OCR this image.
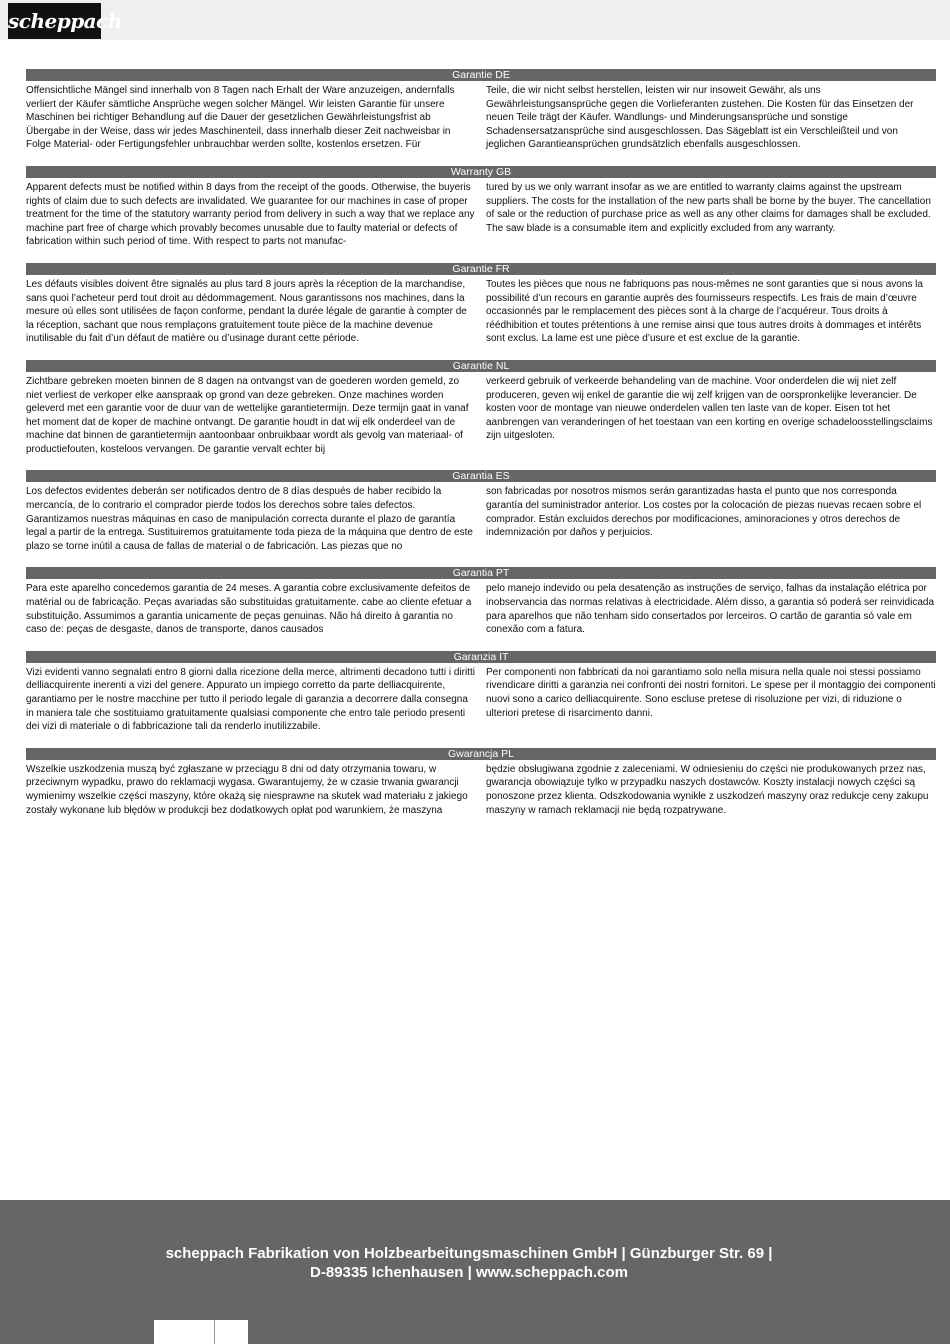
scheppach
Garantie DE
Offensichtliche Mängel sind innerhalb von 8 Tagen nach Erhalt der Ware anzuzeigen, andernfalls verliert der Käufer sämtliche Ansprüche wegen solcher Mängel. Wir leisten Garantie für unsere Maschinen bei richtiger Behandlung auf die Dauer der gesetzlichen Gewährleistungsfrist ab Übergabe in der Weise, dass wir jedes Maschinenteil, dass innerhalb dieser Zeit nachweisbar in Folge Material- oder Fertigungsfehler unbrauchbar werden sollte, kostenlos ersetzen. Für
Teile, die wir nicht selbst herstellen, leisten wir nur insoweit Gewähr, als uns Gewährleistungsansprüche gegen die Vorlieferanten zustehen. Die Kosten für das Einsetzen der neuen Teile trägt der Käufer. Wandlungs- und Minderungsansprüche und sonstige Schadensersatzansprüche sind ausgeschlossen. Das Sägeblatt ist ein Verschleißteil und von jeglichen Garantieansprüchen grundsätzlich ebenfalls ausgeschlossen.
Warranty GB
Apparent defects must be notified within 8 days from the receipt of the goods. Otherwise, the buyeris rights of claim due to such defects are invalidated. We guarantee for our machines in case of proper treatment for the time of the statutory warranty period from delivery in such a way that we replace any machine part free of charge which provably becomes unusable due to faulty material or defects of fabrication within such period of time. With respect to parts not manufac-
tured by us we only warrant insofar as we are entitled to warranty claims against the upstream suppliers. The costs for the installation of the new parts shall be borne by the buyer. The cancellation of sale or the reduction of purchase price as well as any other claims for damages shall be excluded. The saw blade is a consumable item and explicitly excluded from any warranty.
Garantie FR
Les défauts visibles doivent être signalés au plus tard 8 jours après la réception de la marchandise, sans quoi l’acheteur perd tout droit au dédommagement. Nous garantissons nos machines, dans la mesure où elles sont utilisées de façon conforme, pendant la durée légale de garantie à compter de la réception, sachant que nous remplaçons gratuitement toute pièce de la machine devenue inutilisable du fait d’un défaut de matière ou d’usinage durant cette période.
Toutes les pièces que nous ne fabriquons pas nous-mêmes ne sont garanties que si nous avons la possibilité d’un recours en garantie auprès des fournisseurs respectifs. Les frais de main d’œuvre occasionnés par le remplacement des pièces sont à la charge de l’acquéreur. Tous droits à réédhibition et toutes prétentions à une remise ainsi que tous autres droits à dommages et intérêts sont exclus. La lame est une pièce d’usure et est exclue de la garantie.
Garantie NL
Zichtbare gebreken moeten binnen de 8 dagen na ontvangst van de goederen worden gemeld, zo niet verliest de verkoper elke aanspraak op grond van deze gebreken. Onze machines worden geleverd met een garantie voor de duur van de wettelijke garantietermijn. Deze termijn gaat in vanaf het moment dat de koper de machine ontvangt. De garantie houdt in dat wij elk onderdeel van de machine dat binnen de garantietermijn aantoonbaar onbruikbaar wordt als gevolg van materiaal- of productiefouten, kosteloos vervangen. De garantie vervalt echter bij
verkeerd gebruik of verkeerde behandeling van de machine. Voor onderdelen die wij niet zelf produceren, geven wij enkel de garantie die wij zelf krijgen van de oorspronkelijke leverancier. De kosten voor de montage van nieuwe onderdelen vallen ten laste van de koper. Eisen tot het aanbrengen van veranderingen of het toestaan van een korting en overige schadeloosstellingsclaims zijn uitgesloten.
Garantia ES
Los defectos evidentes deberán ser notificados dentro de 8 días después de haber recibido la mercancía, de lo contrario el comprador pierde todos los derechos sobre tales defectos. Garantizamos nuestras máquinas en caso de manipulación correcta durante el plazo de garantía legal a partir de la entrega. Sustituiremos gratuitamente toda pieza de la máquina que dentro de este plazo se torne inútil a causa de fallas de material o de fabricación. Las piezas que no
son fabricadas por nosotros mismos serán garantizadas hasta el punto que nos corresponda garantía del suministrador anterior. Los costes por la colocación de piezas nuevas recaen sobre el comprador. Están excluidos derechos por modificaciones, aminoraciones y otros derechos de indemnización por daños y perjuicios.
Garantia PT
Para este aparelho concedemos garantia de 24 meses. A garantia cobre exclusivamente defeitos de matérial ou de fabricação. Peças avariadas são substituidas gratuitamente. cabe ao cliente efetuar a substituição. Assumimos a garantia unicamente de peças genuinas. Não há direito à garantia no caso de: peças de desgaste, danos de transporte, danos causados
pelo manejo indevido ou pela desatenção as instruções de serviço, falhas da instalação elétrica por inobservancia das normas relativas à electricidade. Além disso, a garantia só poderá ser reinvidicada para aparelhos que não tenham sido consertados por lerceiros. O cartão de garantia só vale em conexão com a fatura.
Garanzia IT
Vizi evidenti vanno segnalati entro 8 giorni dalla ricezione della merce, altrimenti decadono tutti i diritti delliacquirente inerenti a vizi del genere. Appurato un impiego corretto da parte delliacquirente, garantiamo per le nostre macchine per tutto il periodo legale di garanzia a decorrere dalla consegna in maniera tale che sostituiamo gratuitamente qualsiasi componente che entro tale periodo presenti dei vizi di materiale o di fabbricazione tali da renderlo inutilizzabile.
Per componenti non fabbricati da noi garantiamo solo nella misura nella quale noi stessi possiamo rivendicare diritti a garanzia nei confronti dei nostri fornitori. Le spese per il montaggio dei componenti nuovi sono a carico delliacquirente. Sono escluse pretese di risoluzione per vizi, di riduzione o ulteriori pretese di risarcimento danni.
Gwarancja PL
Wszelkie uszkodzenia muszą być zgłaszane w przeciągu 8 dni od daty otrzymania towaru, w przeciwnym wypadku, prawo do reklamacji wygasa. Gwarantujemy, że w czasie trwania gwarancji wymienimy wszelkie części maszyny, które okażą się niesprawne na skutek wad materiału z jakiego zostały wykonane lub błędów w produkcji bez dodatkowych opłat pod warunkiem, że maszyna
będzie obsługiwana zgodnie z zaleceniami. W odniesieniu do części nie produkowanych przez nas, gwarancja obowiązuje tylko w przypadku naszych dostawców. Koszty instalacji nowych części są ponoszone przez klienta. Odszkodowania wynikłe z uszkodzeń maszyny oraz redukcje ceny zakupu maszyny w ramach reklamacji nie będą rozpatrywane.
scheppach Fabrikation von Holzbearbeitungsmaschinen GmbH | Günzburger Str. 69 |
D-89335 Ichenhausen | www.scheppach.com
